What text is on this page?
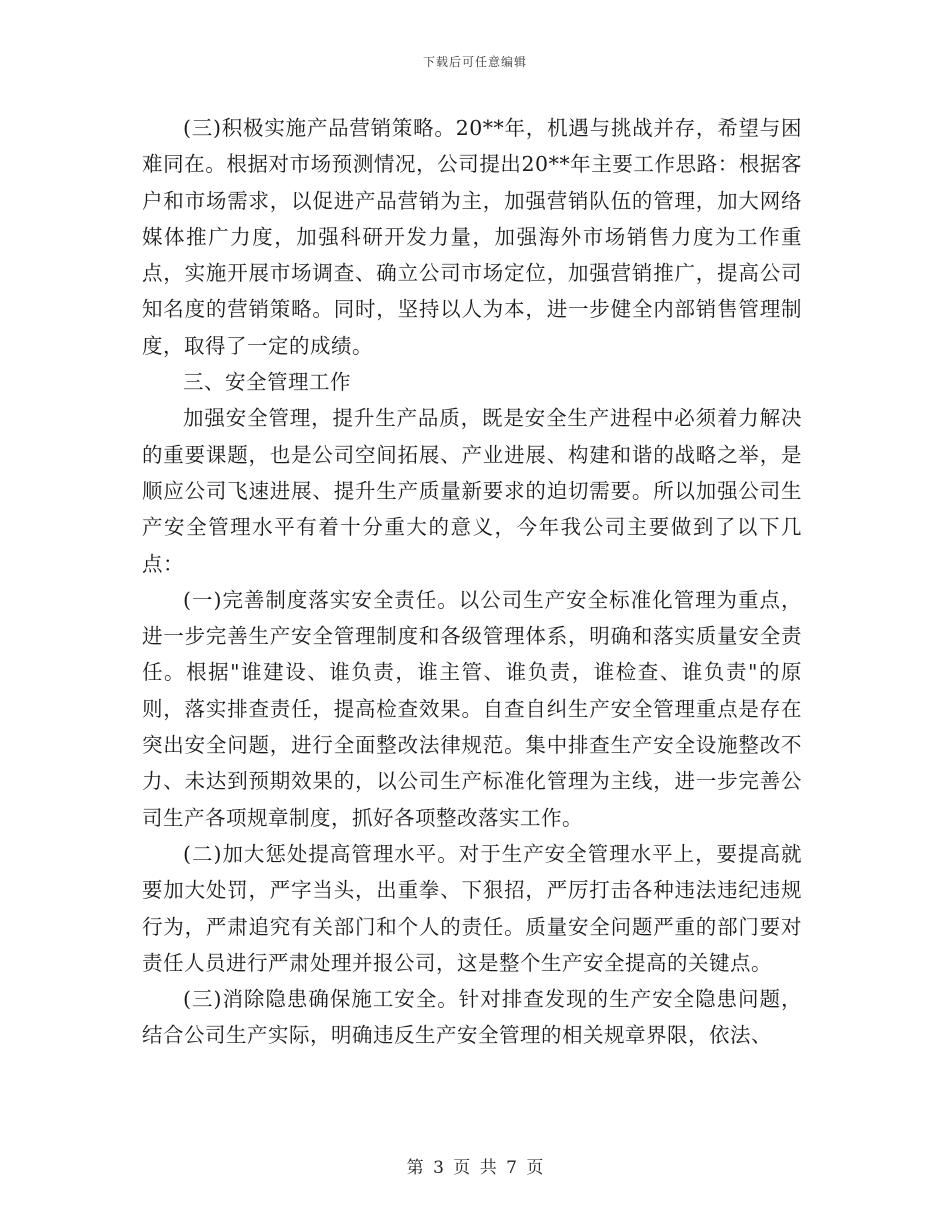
下载后可任意编辑

(三)积极实施产品营销策略。20**年，机遇与挑战并存，希望与困难同在。根据对市场预测情况，公司提出20**年主要工作思路：根据客户和市场需求，以促进产品营销为主，加强营销队伍的管理，加大网络媒体推广力度，加强科研开发力量，加强海外市场销售力度为工作重点，实施开展市场调查、确立公司市场定位，加强营销推广，提高公司知名度的营销策略。同时，坚持以人为本，进一步健全内部销售管理制度，取得了一定的成绩。

三、安全管理工作

加强安全管理，提升生产品质，既是安全生产进程中必须着力解决的重要课题，也是公司空间拓展、产业进展、构建和谐的战略之举，是顺应公司飞速进展、提升生产质量新要求的迫切需要。所以加强公司生产安全管理水平有着十分重大的意义，今年我公司主要做到了以下几点：

(一)完善制度落实安全责任。以公司生产安全标准化管理为重点，进一步完善生产安全管理制度和各级管理体系，明确和落实质量安全责任。根据"谁建设、谁负责，谁主管、谁负责，谁检查、谁负责"的原则，落实排查责任，提高检查效果。自查自纠生产安全管理重点是存在突出安全问题，进行全面整改法律规范。集中排查生产安全设施整改不力、未达到预期效果的，以公司生产标准化管理为主线，进一步完善公司生产各项规章制度，抓好各项整改落实工作。

(二)加大惩处提高管理水平。对于生产安全管理水平上，要提高就要加大处罚，严字当头，出重拳、下狠招，严厉打击各种违法违纪违规行为，严肃追究有关部门和个人的责任。质量安全问题严重的部门要对责任人员进行严肃处理并报公司，这是整个生产安全提高的关键点。

(三)消除隐患确保施工安全。针对排查发现的生产安全隐患问题，结合公司生产实际，明确违反生产安全管理的相关规章界限，依法、

第 3 页 共 7 页
